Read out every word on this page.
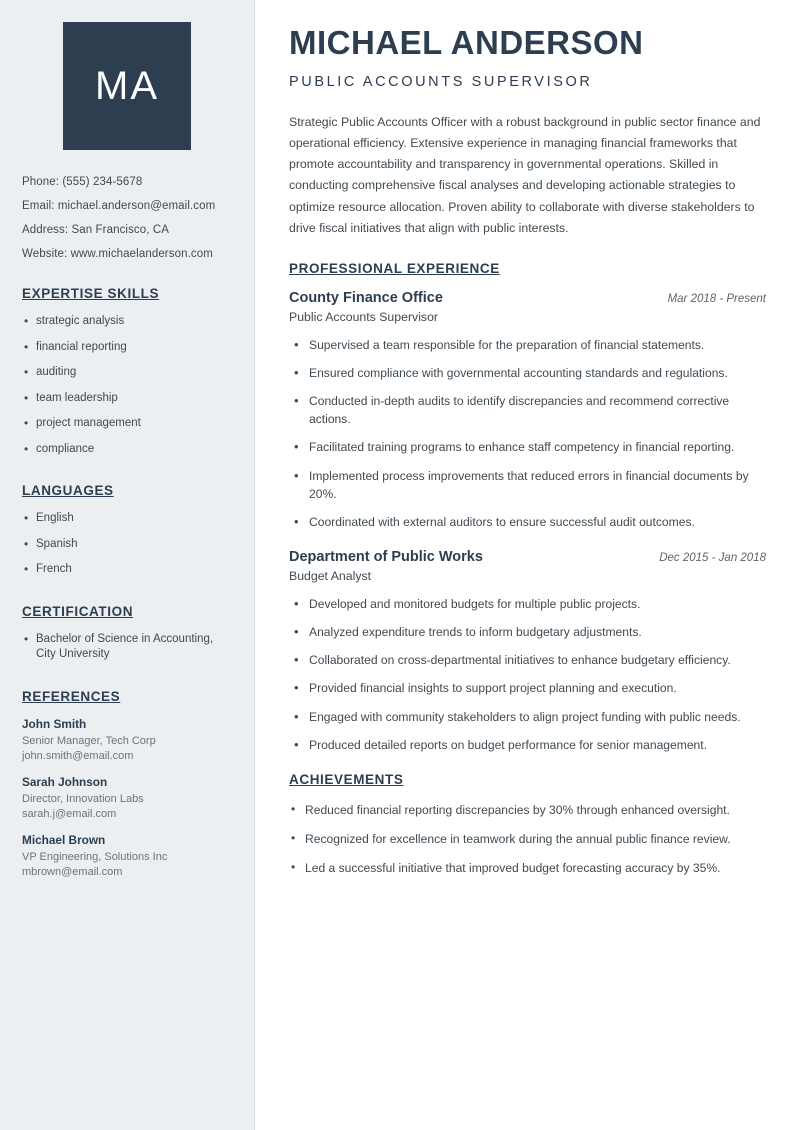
MA
Phone: (555) 234-5678
Email: michael.anderson@email.com
Address: San Francisco, CA
Website: www.michaelanderson.com
EXPERTISE SKILLS
• strategic analysis
• financial reporting
• auditing
• team leadership
• project management
• compliance
LANGUAGES
• English
• Spanish
• French
CERTIFICATION
• Bachelor of Science in Accounting, City University
REFERENCES
John Smith
Senior Manager, Tech Corp
john.smith@email.com
Sarah Johnson
Director, Innovation Labs
sarah.j@email.com
Michael Brown
VP Engineering, Solutions Inc
mbrown@email.com
MICHAEL ANDERSON
PUBLIC ACCOUNTS SUPERVISOR

Strategic Public Accounts Officer with a robust background in public sector finance and operational efficiency. Extensive experience in managing financial frameworks that promote accountability and transparency in governmental operations. Skilled in conducting comprehensive fiscal analyses and developing actionable strategies to optimize resource allocation. Proven ability to collaborate with diverse stakeholders to drive fiscal initiatives that align with public interests.

PROFESSIONAL EXPERIENCE
County Finance Office	Mar 2018 - Present
Public Accounts Supervisor
• Supervised a team responsible for the preparation of financial statements.
• Ensured compliance with governmental accounting standards and regulations.
• Conducted in-depth audits to identify discrepancies and recommend corrective actions.
• Facilitated training programs to enhance staff competency in financial reporting.
• Implemented process improvements that reduced errors in financial documents by 20%.
• Coordinated with external auditors to ensure successful audit outcomes.
Department of Public Works	Dec 2015 - Jan 2018
Budget Analyst
• Developed and monitored budgets for multiple public projects.
• Analyzed expenditure trends to inform budgetary adjustments.
• Collaborated on cross-departmental initiatives to enhance budgetary efficiency.
• Provided financial insights to support project planning and execution.
• Engaged with community stakeholders to align project funding with public needs.
• Produced detailed reports on budget performance for senior management.
ACHIEVEMENTS
• Reduced financial reporting discrepancies by 30% through enhanced oversight.
• Recognized for excellence in teamwork during the annual public finance review.
• Led a successful initiative that improved budget forecasting accuracy by 35%.
